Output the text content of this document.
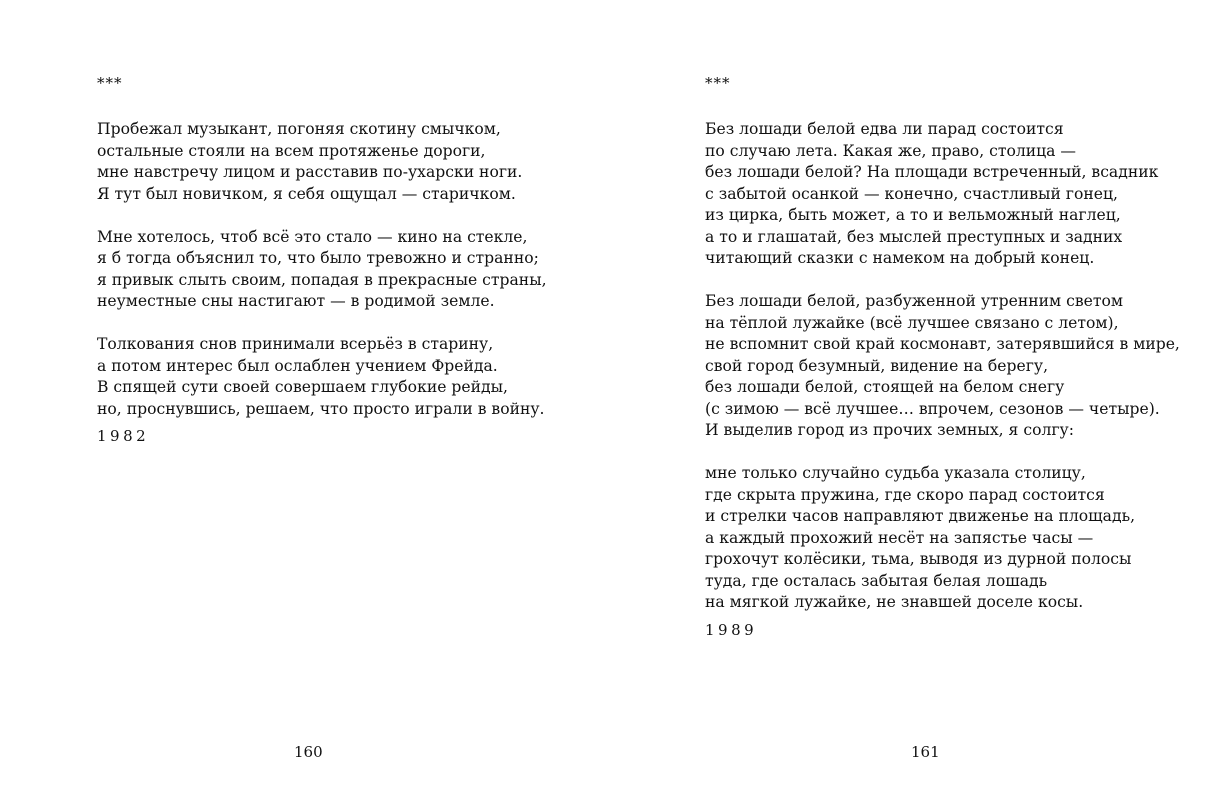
***

Пробежал музыкант, погоняя скотину смычком,
остальные стояли на всем протяженье дороги,
мне навстречу лицом и расставив по-ухарски ноги.
Я тут был новичком, я себя ощущал — старичком.

Мне хотелось, чтоб всё это стало — кино на стекле,
я б тогда объяснил то, что было тревожно и странно;
я привык слыть своим, попадая в прекрасные страны,
неуместные сны настигают — в родимой земле.

Толкования снов принимали всерьёз в старину,
а потом интерес был ослаблен учением Фрейда.
В спящей сути своей совершаем глубокие рейды,
но, проснувшись, решаем, что просто играли в войну.

1982
160
***

Без лошади белой едва ли парад состоится
по случаю лета. Какая же, право, столица —
без лошади белой? На площади встреченный, всадник
с забытой осанкой — конечно, счастливый гонец,
из цирка, быть может, а то и вельможный наглец,
а то и глашатай, без мыслей преступных и задних
читающий сказки с намеком на добрый конец.

Без лошади белой, разбуженной утренним светом
на тёплой лужайке (всё лучшее связано с летом),
не вспомнит свой край космонавт, затерявшийся в мире,
свой город безумный, видение на берегу,
без лошади белой, стоящей на белом снегу
(с зимою — всё лучшее… впрочем, сезонов — четыре).
И выделив город из прочих земных, я солгу:

мне только случайно судьба указала столицу,
где скрыта пружина, где скоро парад состоится
и стрелки часов направляют движенье на площадь,
а каждый прохожий несёт на запястье часы —
грохочут колёсики, тьма, выводя из дурной полосы
туда, где осталась забытая белая лошадь
на мягкой лужайке, не знавшей доселе косы.

1989
161
